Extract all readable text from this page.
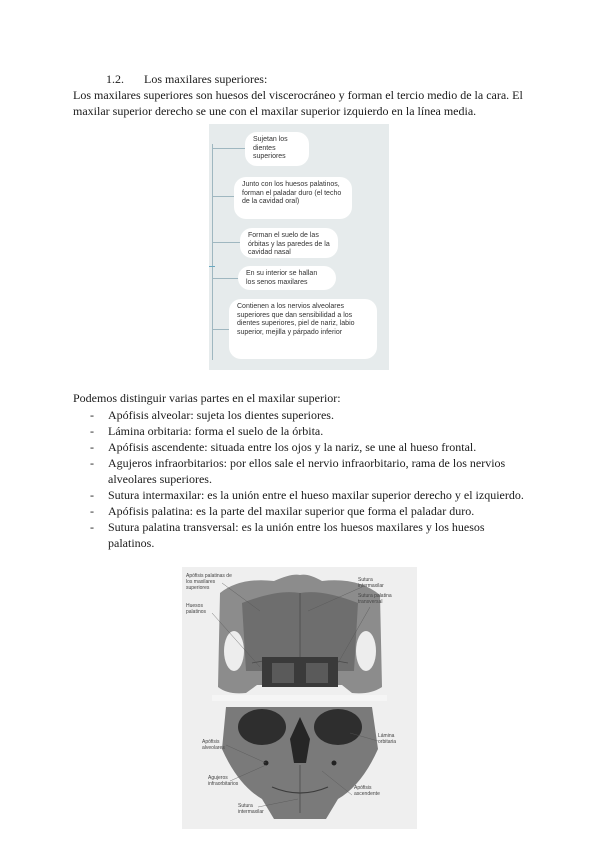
1.2. Los maxilares superiores:

Los maxilares superiores son huesos del viscerocráneo y forman el tercio medio de la cara. El maxilar superior derecho se une con el maxilar superior izquierdo en la línea media.

Sujetan los dientes superiores
Junto con los huesos palatinos, forman el paladar duro (el techo de la cavidad oral)
Forman el suelo de las órbitas y las paredes de la cavidad nasal
En su interior se hallan los senos maxilares
Contienen a los nervios alveolares superiores que dan sensibilidad a los dientes superiores, piel de nariz, labio superior, mejilla y párpado inferior
Podemos distinguir varias partes en el maxilar superior:
- Apófisis alveolar: sujeta los dientes superiores.
- Lámina orbitaria: forma el suelo de la órbita.
- Apófisis ascendente: situada entre los ojos y la nariz, se une al hueso frontal.
- Agujeros infraorbitarios: por ellos sale el nervio infraorbitario, rama de los nervios alveolares superiores.
- Sutura intermaxilar: es la unión entre el hueso maxilar superior derecho y el izquierdo.
- Apófisis palatina: es la parte del maxilar superior que forma el paladar duro.
- Sutura palatina transversal: es la unión entre los huesos maxilares y los huesos palatinos.
Apófisis palatinas de los maxilares superiores
Sutura intermaxilar
Sutura palatina transversal
Huesos palatinos
Apófisis alveolares
Lámina orbitaria
Agujeros infraorbitarios
Sutura intermaxilar
Apófisis ascendente
